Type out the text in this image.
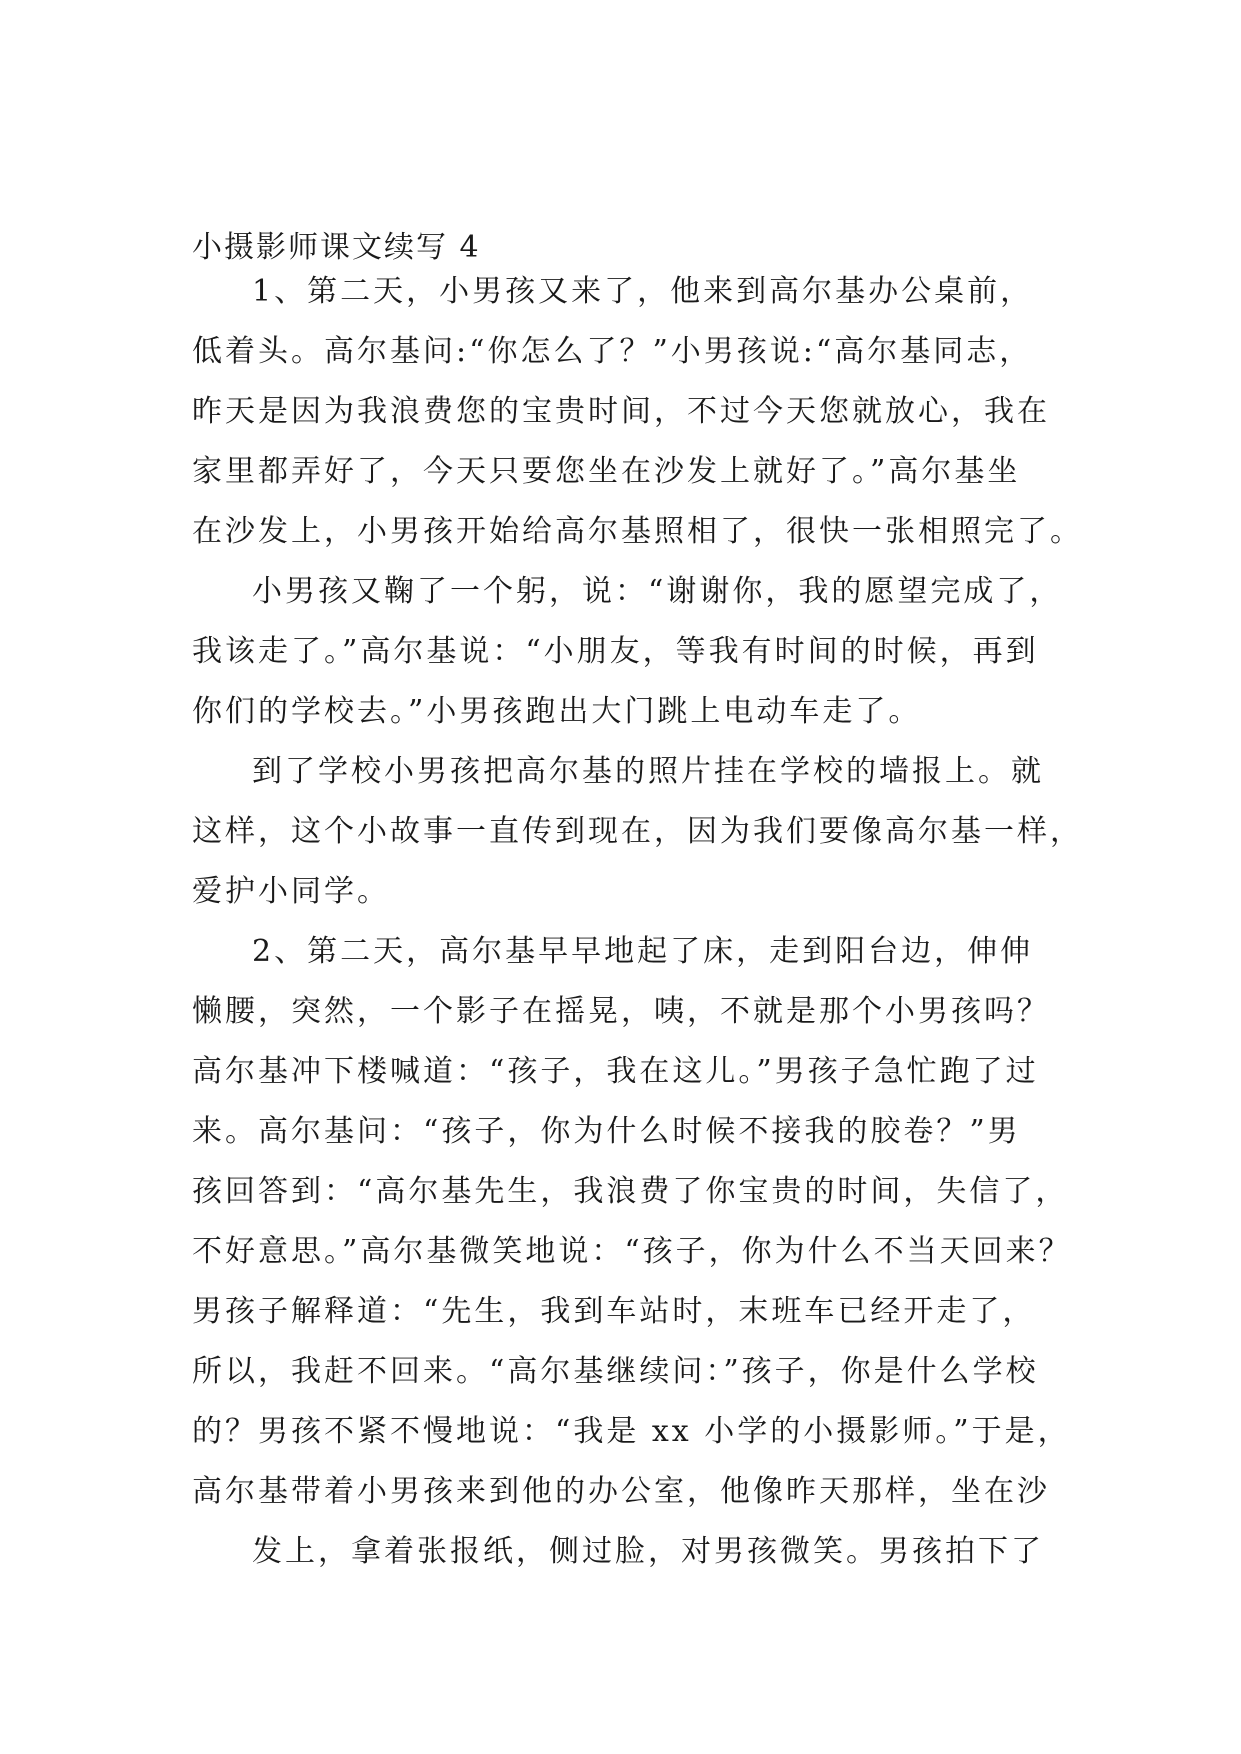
小摄影师课文续写 4
1、第二天，小男孩又来了，他来到高尔基办公桌前，
低着头。高尔基问:“你怎么了？”小男孩说:“高尔基同志，
昨天是因为我浪费您的宝贵时间，不过今天您就放心，我在
家里都弄好了，今天只要您坐在沙发上就好了。”高尔基坐
在沙发上，小男孩开始给高尔基照相了，很快一张相照完了。
小男孩又鞠了一个躬，说：“谢谢你，我的愿望完成了，
我该走了。”高尔基说：“小朋友，等我有时间的时候，再到
你们的学校去。”小男孩跑出大门跳上电动车走了。
到了学校小男孩把高尔基的照片挂在学校的墙报上。就
这样，这个小故事一直传到现在，因为我们要像高尔基一样，
爱护小同学。
2、第二天，高尔基早早地起了床，走到阳台边，伸伸
懒腰，突然，一个影子在摇晃，咦，不就是那个小男孩吗？
高尔基冲下楼喊道：“孩子，我在这儿。”男孩子急忙跑了过
来。高尔基问：“孩子，你为什么时候不接我的胶卷？”男
孩回答到：“高尔基先生，我浪费了你宝贵的时间，失信了，
不好意思。”高尔基微笑地说：“孩子，你为什么不当天回来？
男孩子解释道：“先生，我到车站时，末班车已经开走了，
所以，我赶不回来。“高尔基继续问：”孩子，你是什么学校
的？男孩不紧不慢地说：“我是 xx 小学的小摄影师。”于是，
高尔基带着小男孩来到他的办公室，他像昨天那样，坐在沙
发上，拿着张报纸，侧过脸，对男孩微笑。男孩拍下了
